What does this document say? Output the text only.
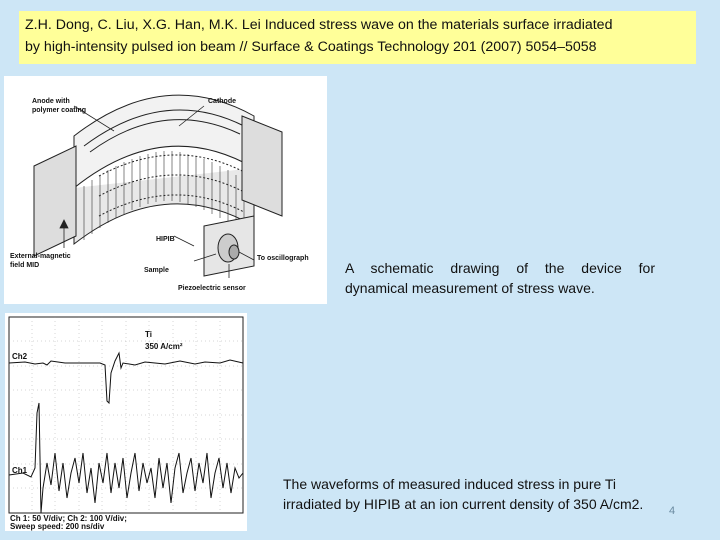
Z.H. Dong, C. Liu, X.G. Han, M.K. Lei Induced stress wave on the materials surface irradiated
by high-intensity pulsed ion beam // Surface & Coatings Technology 201 (2007) 5054–5058
Anode with
polymer coating
Cathode
HIPIB
To oscillograph
External-magnetic
field MID
Sample
Piezoelectric sensor
A schematic drawing of the device for
dynamical measurement of stress wave.
Ti
350 A/cm²
Ch2
Ch1
Ch 1: 50 V/div; Ch 2: 100 V/div;
Sweep speed: 200 ns/div
The waveforms of measured induced stress in pure Ti
irradiated by HIPIB at an ion current density of 350 A/cm2.	4
